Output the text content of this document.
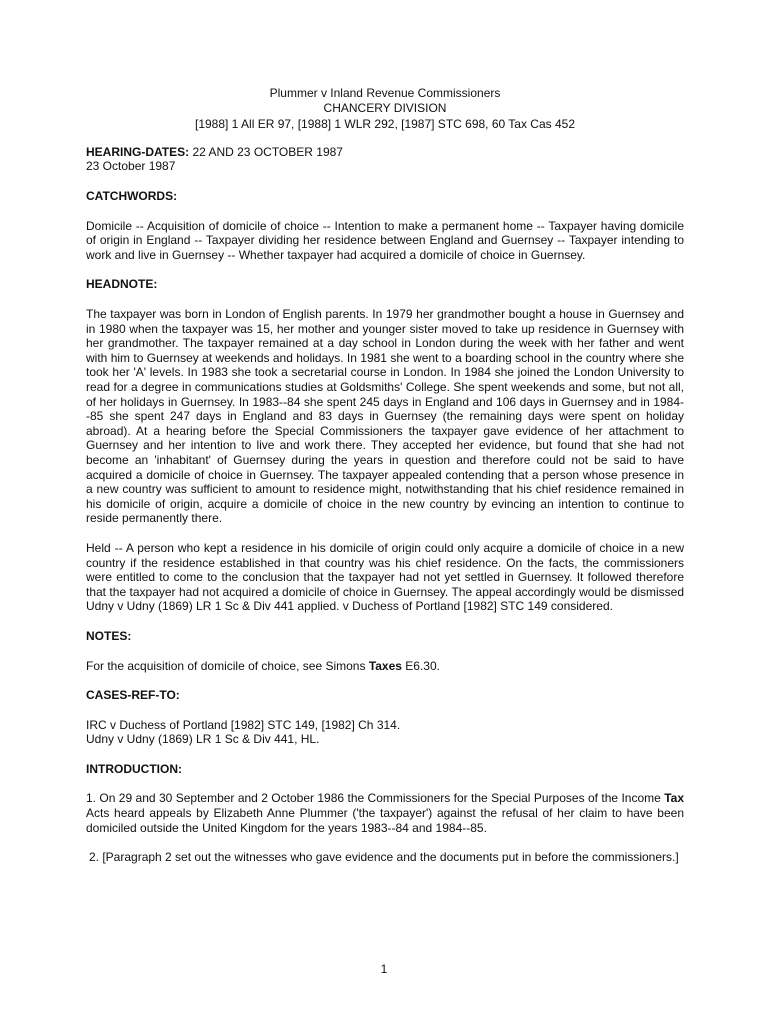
Plummer v Inland Revenue Commissioners
CHANCERY DIVISION
[1988] 1 All ER 97, [1988] 1 WLR 292, [1987] STC 698, 60 Tax Cas 452
HEARING-DATES: 22 AND 23 OCTOBER 1987
23 October 1987
CATCHWORDS:
Domicile -- Acquisition of domicile of choice -- Intention to make a permanent home -- Taxpayer having domicile of origin in England -- Taxpayer dividing her residence between England and Guernsey -- Taxpayer intending to work and live in Guernsey -- Whether taxpayer had acquired a domicile of choice in Guernsey.
HEADNOTE:
The taxpayer was born in London of English parents. In 1979 her grandmother bought a house in Guernsey and in 1980 when the taxpayer was 15, her mother and younger sister moved to take up residence in Guernsey with her grandmother. The taxpayer remained at a day school in London during the week with her father and went with him to Guernsey at weekends and holidays. In 1981 she went to a boarding school in the country where she took her 'A' levels. In 1983 she took a secretarial course in London. In 1984 she joined the London University to read for a degree in communications studies at Goldsmiths' College. She spent weekends and some, but not all, of her holidays in Guernsey. In 1983--84 she spent 245 days in England and 106 days in Guernsey and in 1984--85 she spent 247 days in England and 83 days in Guernsey (the remaining days were spent on holiday abroad). At a hearing before the Special Commissioners the taxpayer gave evidence of her attachment to Guernsey and her intention to live and work there. They accepted her evidence, but found that she had not become an 'inhabitant' of Guernsey during the years in question and therefore could not be said to have acquired a domicile of choice in Guernsey. The taxpayer appealed contending that a person whose presence in a new country was sufficient to amount to residence might, notwithstanding that his chief residence remained in his domicile of origin, acquire a domicile of choice in the new country by evincing an intention to continue to reside permanently there.
Held -- A person who kept a residence in his domicile of origin could only acquire a domicile of choice in a new country if the residence established in that country was his chief residence. On the facts, the commissioners were entitled to come to the conclusion that the taxpayer had not yet settled in Guernsey. It followed therefore that the taxpayer had not acquired a domicile of choice in Guernsey. The appeal accordingly would be dismissed Udny v Udny (1869) LR 1 Sc & Div 441 applied. v Duchess of Portland [1982] STC 149 considered.
NOTES:
For the acquisition of domicile of choice, see Simons Taxes E6.30.
CASES-REF-TO:
IRC v Duchess of Portland [1982] STC 149, [1982] Ch 314.
Udny v Udny (1869) LR 1 Sc & Div 441, HL.
INTRODUCTION:
1. On 29 and 30 September and 2 October 1986 the Commissioners for the Special Purposes of the Income Tax Acts heard appeals by Elizabeth Anne Plummer ('the taxpayer') against the refusal of her claim to have been domiciled outside the United Kingdom for the years 1983--84 and 1984--85.
2. [Paragraph 2 set out the witnesses who gave evidence and the documents put in before the commissioners.]
1
